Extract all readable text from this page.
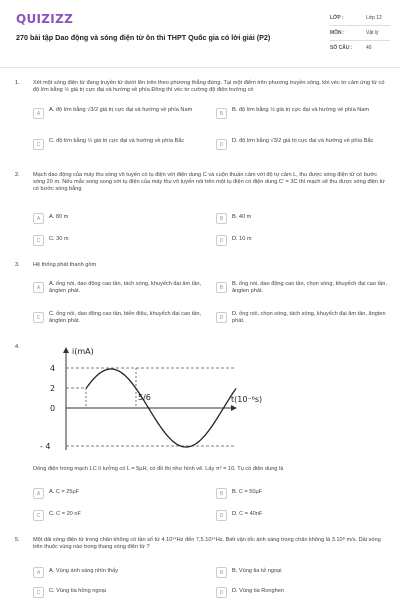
QUIZIZZ
270 bài tập Dao động và sóng điện từ ôn thi THPT Quốc gia có lời giải (P2)
LỚP :	Lớp 12
MÔN :	Vật lý
SỐ CÂU :	40
1. Xét một sóng điện từ đang truyền từ dưới lên trên theo phương thẳng đứng. Tại một điểm trên phương truyền sóng, khi véc tơ cảm ứng từ có độ lớn bằng ½ giá trị cực đại và hướng về phía Đông thì véc tơ cường độ điện trường có
A
A. độ lớn bằng √3/2 giá trị cực đại và hướng về phía Nam
B
B. độ lớn bằng ½ giá trị cực đại và hướng về phía Nam
C
C. độ lớn bằng ½ giá trị cực đại và hướng về phía Bắc
D
D. độ lớn bằng √3/2 giá trị cực đại và hướng về phía Bắc
2. Mạch dao động của máy thu sóng vô tuyến có tụ điện với điện dung C và cuộn thuần cảm với độ tự cảm L, thu được sóng điện từ có bước sóng 20 m. Nếu mắc song song với tụ điện của máy thu vô tuyến nói trên một tụ điện có điện dung C' = 3C thì mạch sẽ thu được sóng điện từ có bước sóng bằng
A	A. 80 m	B	B. 40 m
C	C. 30 m	D	D. 10 m
3. Hệ thống phát thanh gồm
A
A. ống nói, dao động cao tần, tách sóng, khuyếch đại âm tần, ăngten phát.	B
B. ống nói, dao động cao tần, chọn sóng, khuyếch đại cao tần, ăngten phát.
C
C. ống nói, dao động cao tần, biến điệu, khuyếch đại cao tần, ăngten phát.	D
D. ống nói, chọn sóng, tách sóng, khuyếch đại âm tần, ăngten phát.
4.	i(mA)
t(10⁻⁶s)
4
2
0
- 4
5/6
Dòng điện trong mạch LC lí tưởng có L = 5μH, có đồ thị như hình vẽ. Lấy π² = 10. Tụ có điện dung là
A	A. C = 25μF	B	B. C = 50μF
C	C. C = 20 nF	D	D. C = 40nF
5. Một dải sóng điện từ trong chân không có tần số từ 4.10¹⁴Hz đến 7,5.10¹⁴Hz. Biết vận tốc ánh sáng trong chân không là 3.10⁸ m/s. Dải sóng trên thuộc vùng nào trong thang sóng điện từ ?
A	A. Vùng ánh sáng nhìn thấy	B	B. Vùng tia tử ngoại
C	C. Vùng tia hồng ngoại	D	D. Vùng tia Ronghen
